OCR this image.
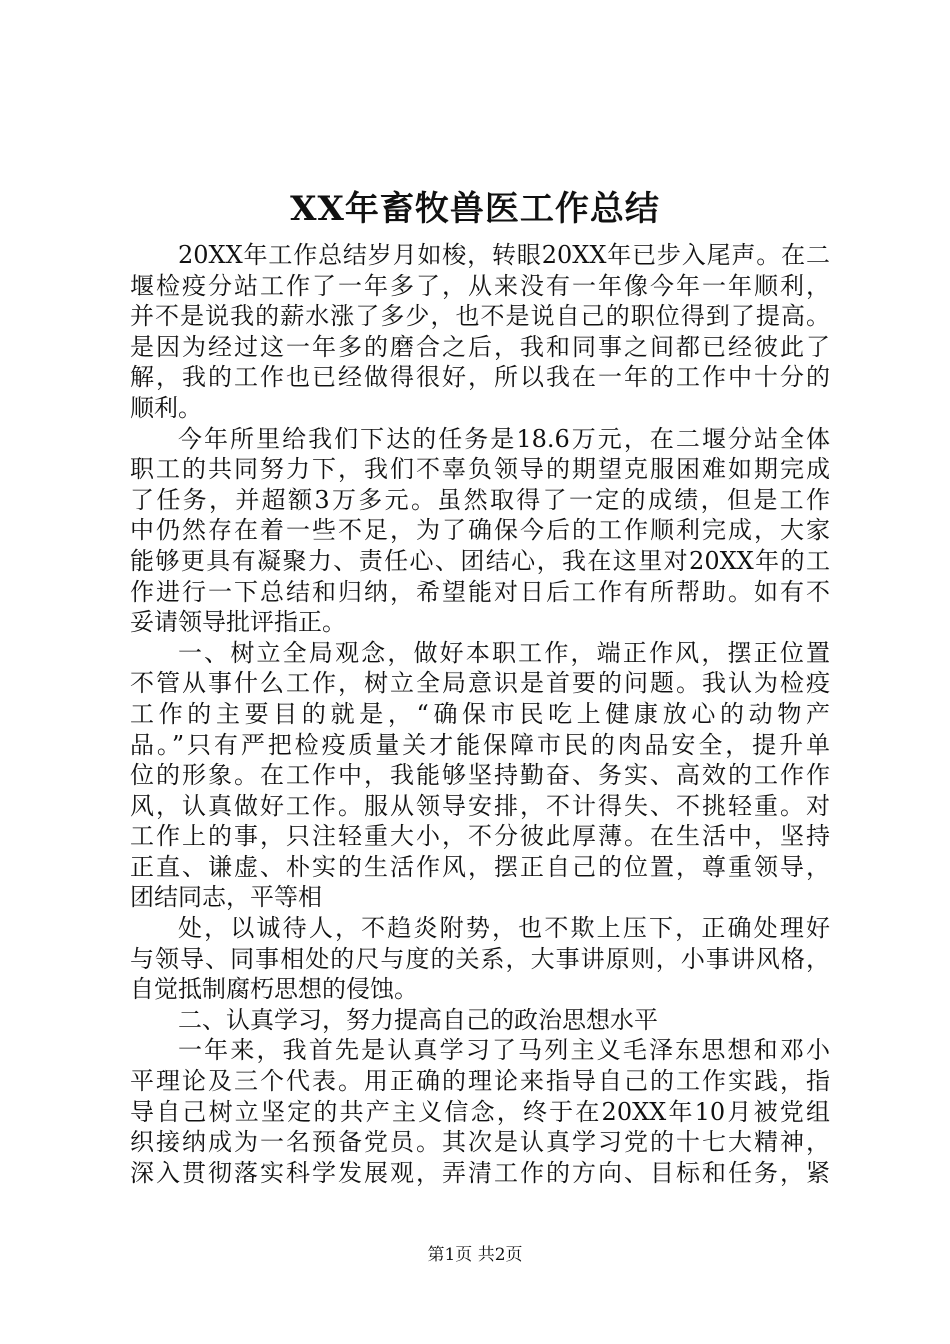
XX年畜牧兽医工作总结
20XX年工作总结岁月如梭，转眼20XX年已步入尾声。在二
堰检疫分站工作了一年多了，从来没有一年像今年一年顺利，
并不是说我的薪水涨了多少，也不是说自己的职位得到了提高。
是因为经过这一年多的磨合之后，我和同事之间都已经彼此了
解，我的工作也已经做得很好，所以我在一年的工作中十分的
顺利。
今年所里给我们下达的任务是18.6万元，在二堰分站全体
职工的共同努力下，我们不辜负领导的期望克服困难如期完成
了任务，并超额3万多元。虽然取得了一定的成绩，但是工作
中仍然存在着一些不足，为了确保今后的工作顺利完成，大家
能够更具有凝聚力、责任心、团结心，我在这里对20XX年的工
作进行一下总结和归纳，希望能对日后工作有所帮助。如有不
妥请领导批评指正。
一、树立全局观念，做好本职工作，端正作风，摆正位置
不管从事什么工作，树立全局意识是首要的问题。我认为检疫
工作的主要目的就是，“确保市民吃上健康放心的动物产
品。”只有严把检疫质量关才能保障市民的肉品安全，提升单
位的形象。在工作中，我能够坚持勤奋、务实、高效的工作作
风，认真做好工作。服从领导安排，不计得失、不挑轻重。对
工作上的事，只注轻重大小，不分彼此厚薄。在生活中，坚持
正直、谦虚、朴实的生活作风，摆正自己的位置，尊重领导，
团结同志，平等相
处，以诚待人，不趋炎附势，也不欺上压下，正确处理好
与领导、同事相处的尺与度的关系，大事讲原则，小事讲风格，
自觉抵制腐朽思想的侵蚀。
二、认真学习，努力提高自己的政治思想水平
一年来，我首先是认真学习了马列主义毛泽东思想和邓小
平理论及三个代表。用正确的理论来指导自己的工作实践，指
导自己树立坚定的共产主义信念，终于在20XX年10月被党组
织接纳成为一名预备党员。其次是认真学习党的十七大精神，
深入贯彻落实科学发展观，弄清工作的方向、目标和任务，紧
第1页 共2页
